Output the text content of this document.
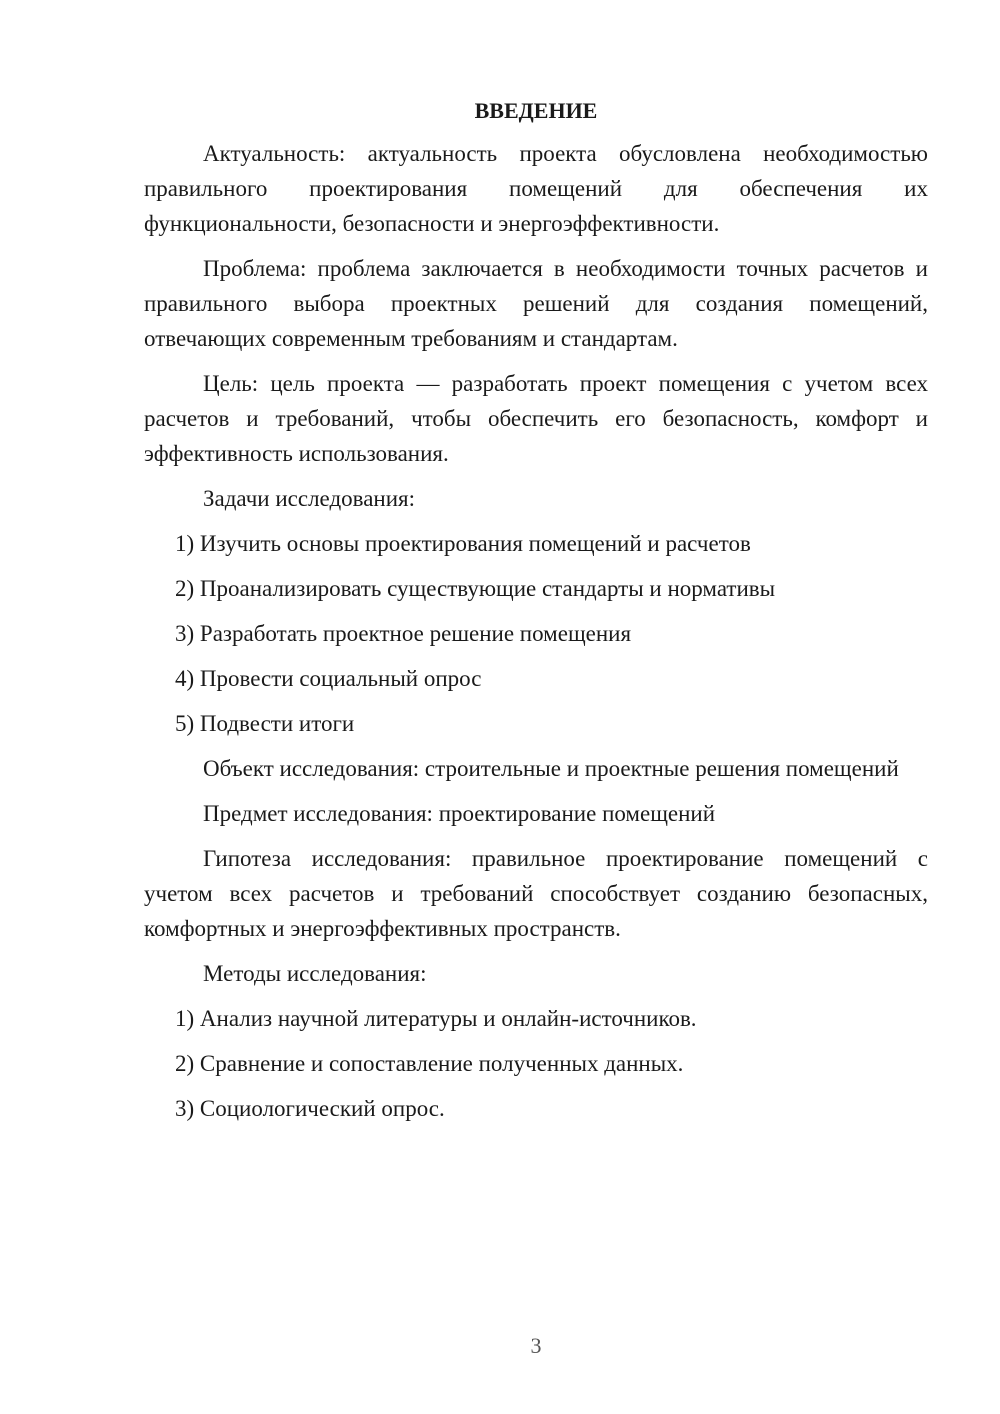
ВВЕДЕНИЕ

Актуальность: актуальность проекта обусловлена необходимостью правильного проектирования помещений для обеспечения их функциональности, безопасности и энергоэффективности.

Проблема: проблема заключается в необходимости точных расчетов и правильного выбора проектных решений для создания помещений, отвечающих современным требованиям и стандартам.

Цель: цель проекта — разработать проект помещения с учетом всех расчетов и требований, чтобы обеспечить его безопасность, комфорт и эффективность использования.

Задачи исследования:

1) Изучить основы проектирования помещений и расчетов
2) Проанализировать существующие стандарты и нормативы
3) Разработать проектное решение помещения
4) Провести социальный опрос
5) Подвести итоги

Объект исследования: строительные и проектные решения помещений

Предмет исследования: проектирование помещений

Гипотеза исследования: правильное проектирование помещений с учетом всех расчетов и требований способствует созданию безопасных, комфортных и энергоэффективных пространств.

Методы исследования:

1) Анализ научной литературы и онлайн-источников.
2) Сравнение и сопоставление полученных данных.
3) Социологический опрос.
3
